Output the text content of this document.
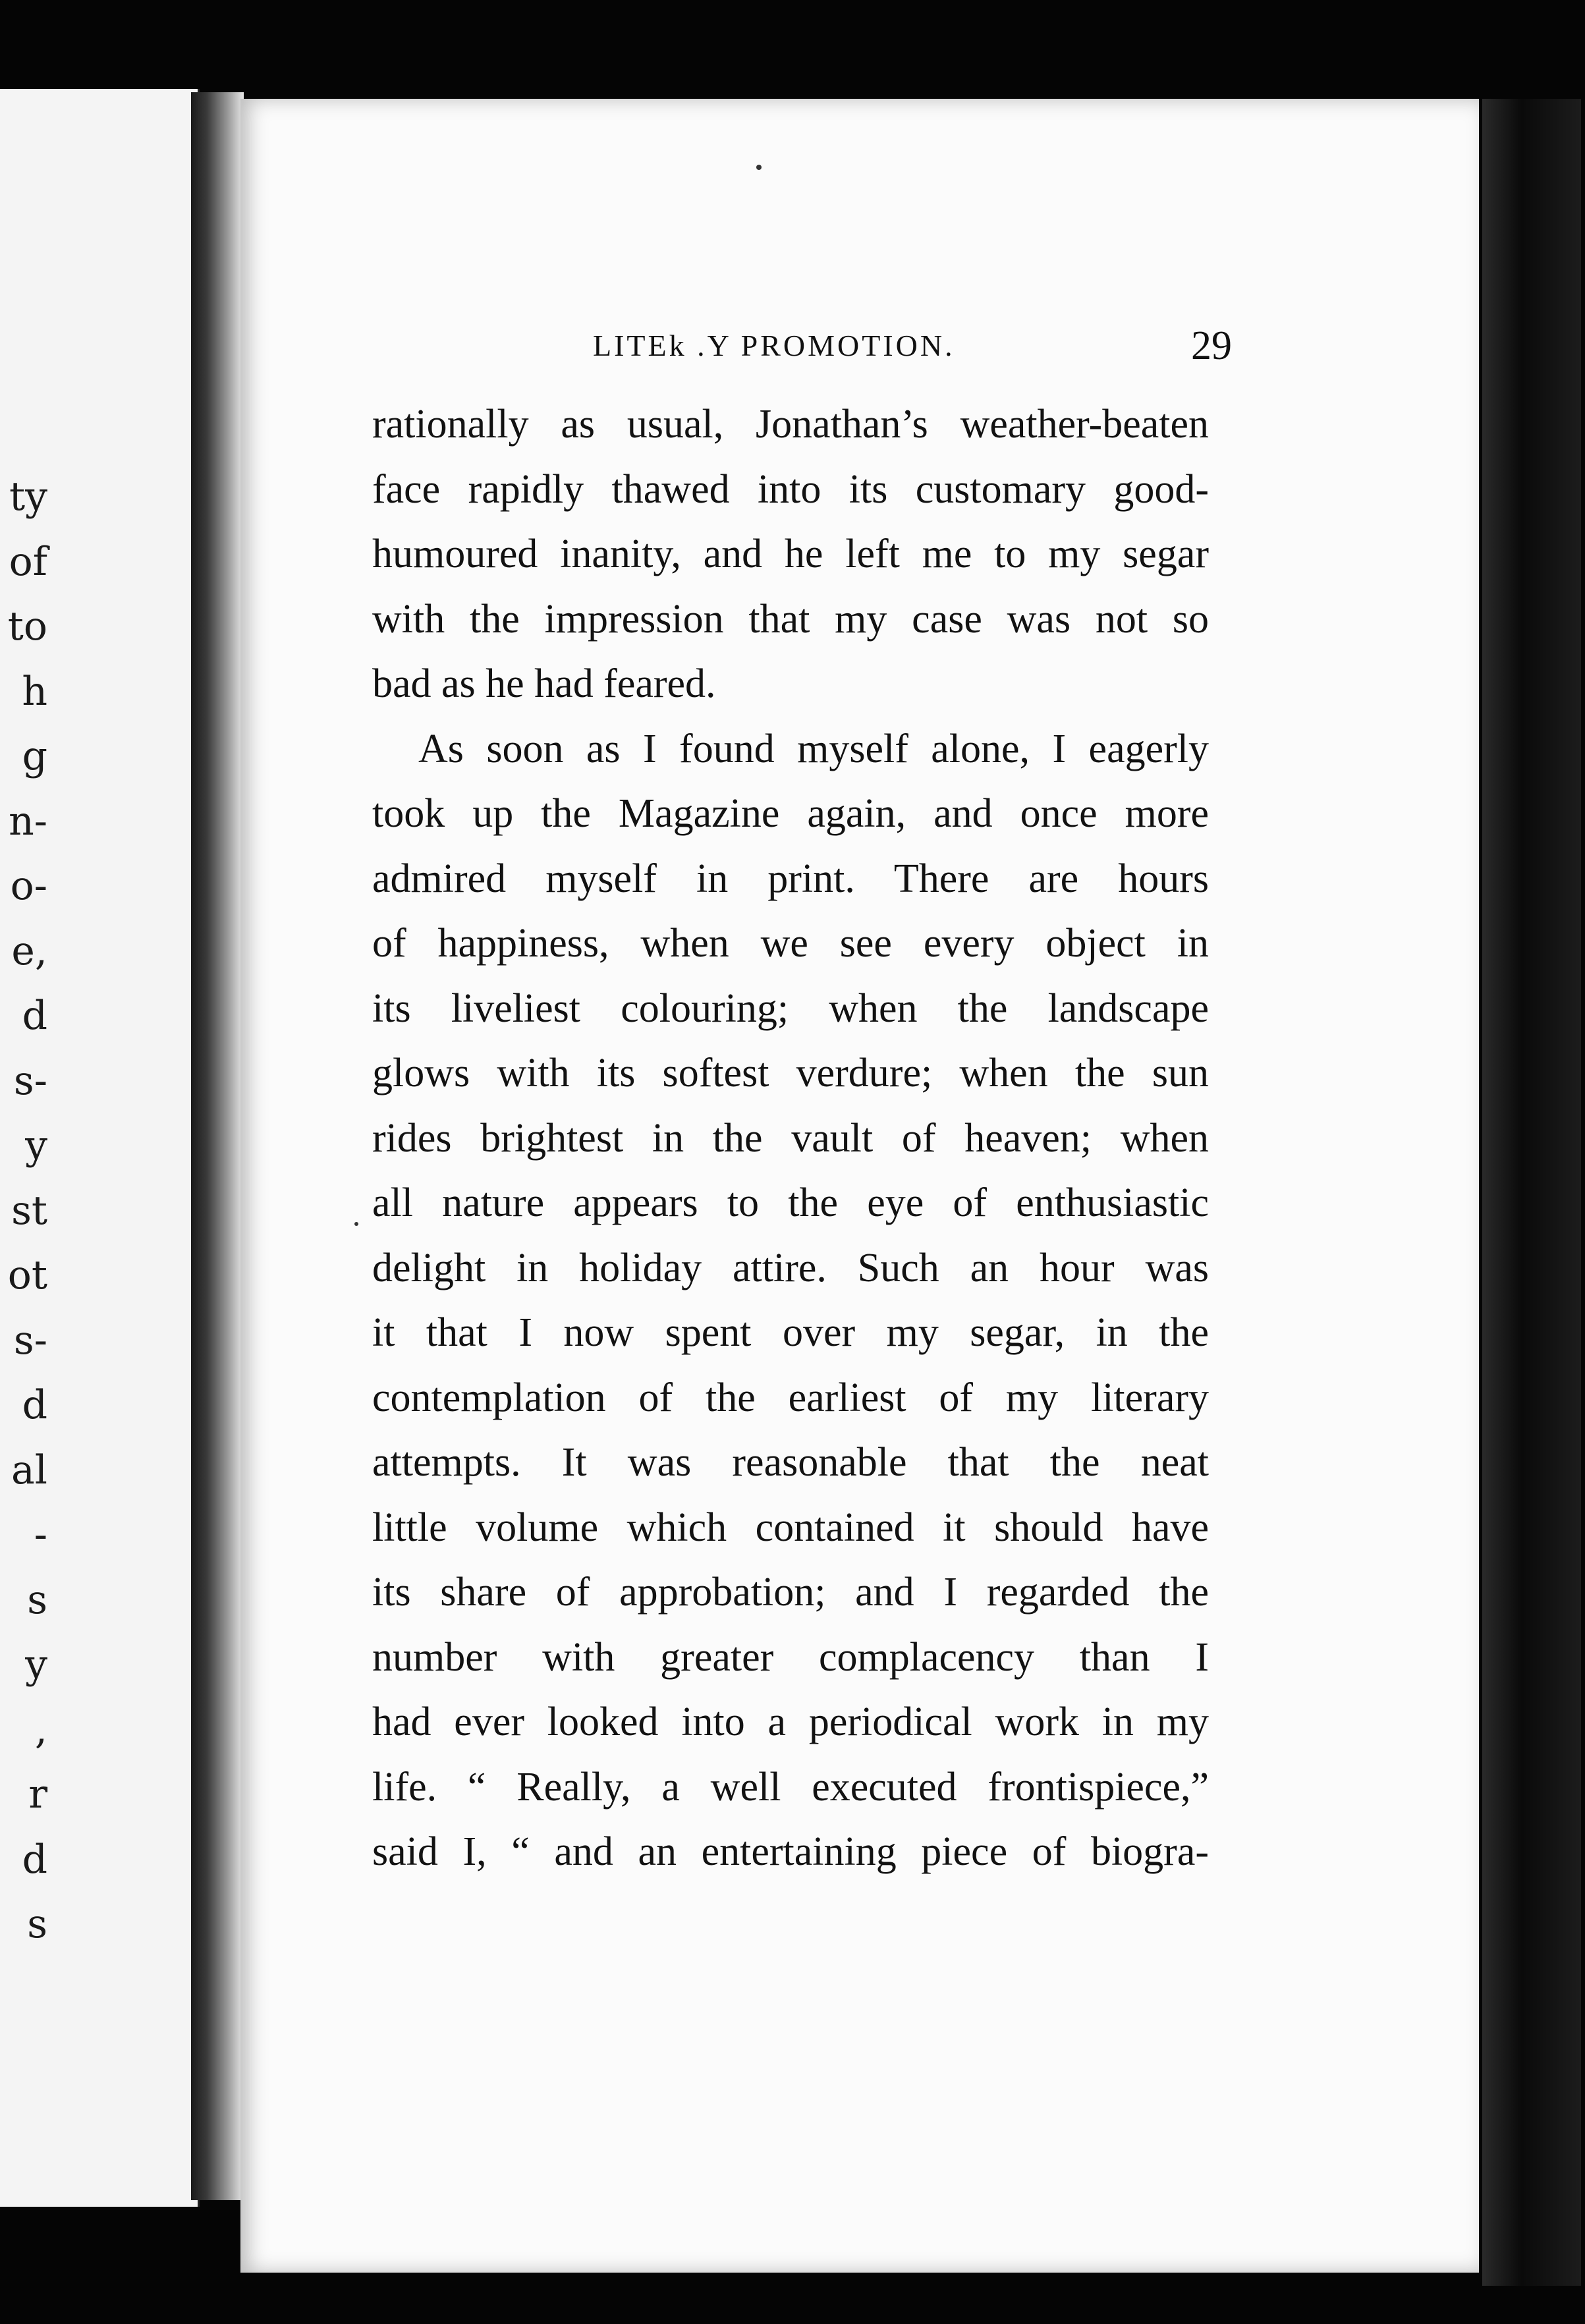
ty
of
to
h
g
n-
o-
e,
d
s-
y
st
ot
s-
d
al
-
s
y
,
r
d
s
LITEk .Y PROMOTION.	29
rationally as usual, Jonathan’s weather-beaten
face rapidly thawed into its customary good-
humoured inanity, and he left me to my segar
with the impression that my case was not so
bad as he had feared.
As soon as I found myself alone, I eagerly
took up the Magazine again, and once more
admired myself in print. There are hours
of happiness, when we see every object in
its liveliest colouring; when the landscape
glows with its softest verdure; when the sun
rides brightest in the vault of heaven; when
all nature appears to the eye of enthusiastic
delight in holiday attire. Such an hour was
it that I now spent over my segar, in the
contemplation of the earliest of my literary
attempts. It was reasonable that the neat
little volume which contained it should have
its share of approbation; and I regarded the
number with greater complacency than I
had ever looked into a periodical work in my
life. “ Really, a well executed frontispiece,”
said I, “ and an entertaining piece of biogra-
